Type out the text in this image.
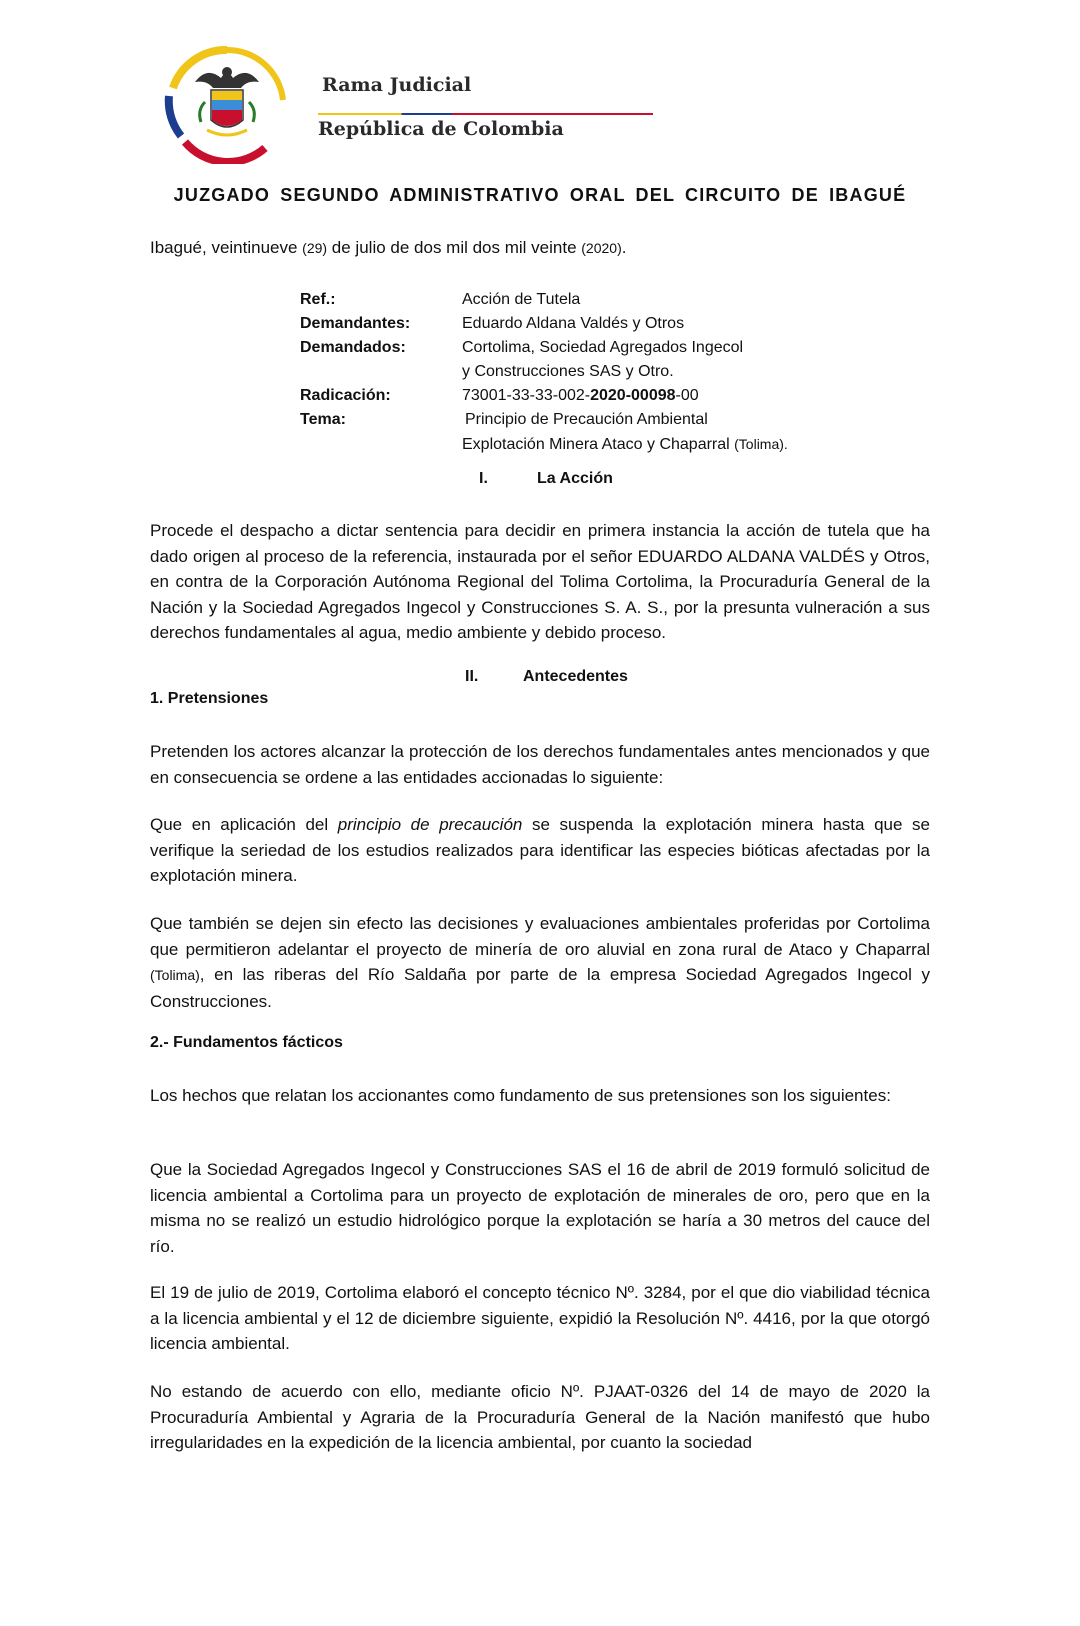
Rama Judicial
República de Colombia
JUZGADO SEGUNDO ADMINISTRATIVO ORAL DEL CIRCUITO DE IBAGUÉ
Ibagué, veintinueve (29) de julio de dos mil dos mil veinte (2020).
Ref.:	Acción de Tutela
Demandantes:	Eduardo Aldana Valdés y Otros
Demandados:	Cortolima, Sociedad Agregados Ingecol
y Construcciones SAS y Otro.
Radicación:	73001-33-33-002-2020-00098-00
Tema:	Principio de Precaución Ambiental
Explotación Minera Ataco y Chaparral (Tolima).
I.	La Acción
Procede el despacho a dictar sentencia para decidir en primera instancia la acción de tutela que ha dado origen al proceso de la referencia, instaurada por el señor EDUARDO ALDANA VALDÉS y Otros, en contra de la Corporación Autónoma Regional del Tolima Cortolima, la Procuraduría General de la Nación y la Sociedad Agregados Ingecol y Construcciones S. A. S., por la presunta vulneración a sus derechos fundamentales al agua, medio ambiente y debido proceso.
II.	Antecedentes
1. Pretensiones
Pretenden los actores alcanzar la protección de los derechos fundamentales antes mencionados y que en consecuencia se ordene a las entidades accionadas lo siguiente:
Que en aplicación del principio de precaución se suspenda la explotación minera hasta que se verifique la seriedad de los estudios realizados para identificar las especies bióticas afectadas por la explotación minera.
Que también se dejen sin efecto las decisiones y evaluaciones ambientales proferidas por Cortolima que permitieron adelantar el proyecto de minería de oro aluvial en zona rural de Ataco y Chaparral (Tolima), en las riberas del Río Saldaña por parte de la empresa Sociedad Agregados Ingecol y Construcciones.
2.- Fundamentos fácticos
Los hechos que relatan los accionantes como fundamento de sus pretensiones son los siguientes:
Que la Sociedad Agregados Ingecol y Construcciones SAS el 16 de abril de 2019 formuló solicitud de licencia ambiental a Cortolima para un proyecto de explotación de minerales de oro, pero que en la misma no se realizó un estudio hidrológico porque la explotación se haría a 30 metros del cauce del río.
El 19 de julio de 2019, Cortolima elaboró el concepto técnico Nº. 3284, por el que dio viabilidad técnica a la licencia ambiental y el 12 de diciembre siguiente, expidió la Resolución Nº. 4416, por la que otorgó licencia ambiental.
No estando de acuerdo con ello, mediante oficio Nº. PJAAT-0326 del 14 de mayo de 2020 la Procuraduría Ambiental y Agraria de la Procuraduría General de la Nación manifestó que hubo irregularidades en la expedición de la licencia ambiental, por cuanto la sociedad
